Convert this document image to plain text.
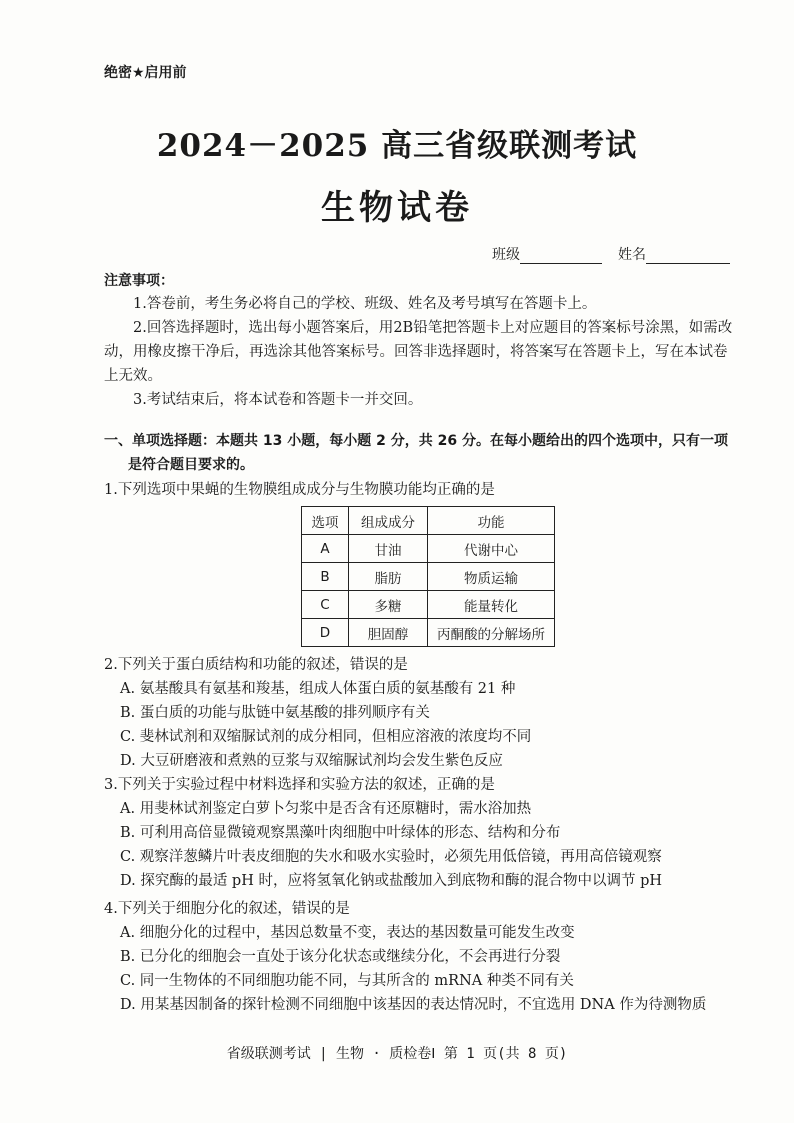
绝密★启用前
2024－2025 高三省级联测考试
生物试卷
班级	姓名
注意事项：
1.答卷前，考生务必将自己的学校、班级、姓名及考号填写在答题卡上。
2.回答选择题时，选出每小题答案后，用2B铅笔把答题卡上对应题目的答案标号涂黑，如需改动，用橡皮擦干净后，再选涂其他答案标号。回答非选择题时，将答案写在答题卡上，写在本试卷上无效。
3.考试结束后，将本试卷和答题卡一并交回。
一、单项选择题：本题共 13 小题，每小题 2 分，共 26 分。在每小题给出的四个选项中，只有一项
是符合题目要求的。
1.下列选项中果蝇的生物膜组成成分与生物膜功能均正确的是
选项	组成成分	功能
A	甘油	代谢中心
B	脂肪	物质运输
C	多糖	能量转化
D	胆固醇	丙酮酸的分解场所
2.下列关于蛋白质结构和功能的叙述，错误的是
A. 氨基酸具有氨基和羧基，组成人体蛋白质的氨基酸有 21 种
B. 蛋白质的功能与肽链中氨基酸的排列顺序有关
C. 斐林试剂和双缩脲试剂的成分相同，但相应溶液的浓度均不同
D. 大豆研磨液和煮熟的豆浆与双缩脲试剂均会发生紫色反应
3.下列关于实验过程中材料选择和实验方法的叙述，正确的是
A. 用斐林试剂鉴定白萝卜匀浆中是否含有还原糖时，需水浴加热
B. 可利用高倍显微镜观察黑藻叶肉细胞中叶绿体的形态、结构和分布
C. 观察洋葱鳞片叶表皮细胞的失水和吸水实验时，必须先用低倍镜，再用高倍镜观察
D. 探究酶的最适 pH 时，应将氢氧化钠或盐酸加入到底物和酶的混合物中以调节 pH
4.下列关于细胞分化的叙述，错误的是
A. 细胞分化的过程中，基因总数量不变，表达的基因数量可能发生改变
B. 已分化的细胞会一直处于该分化状态或继续分化，不会再进行分裂
C. 同一生物体的不同细胞功能不同，与其所含的 mRNA 种类不同有关
D. 用某基因制备的探针检测不同细胞中该基因的表达情况时，不宜选用 DNA 作为待测物质
省级联测考试 | 生物 · 质检卷Ⅰ 第 1 页(共 8 页)
